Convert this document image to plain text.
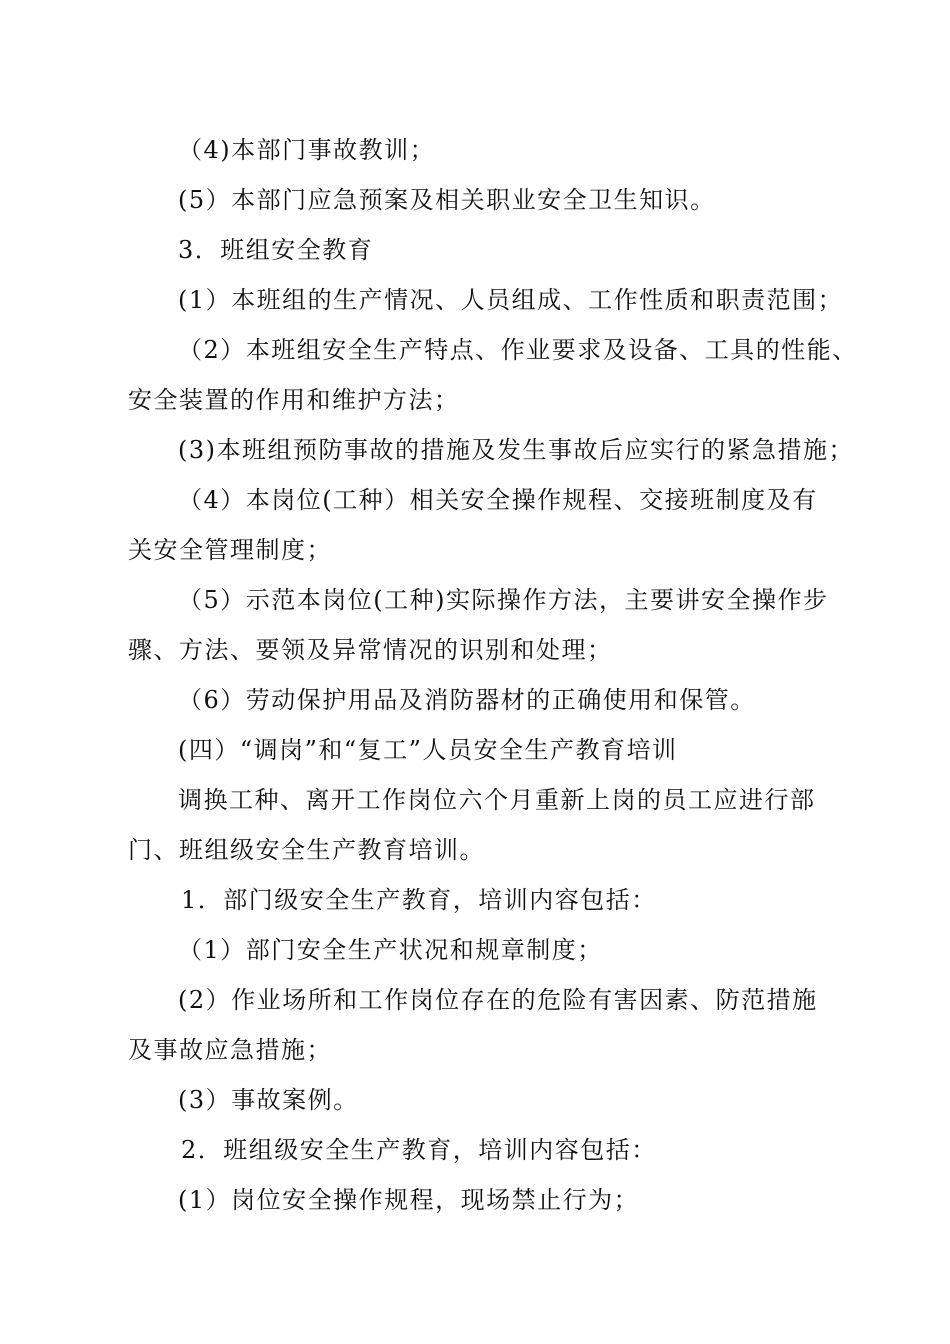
（4)本部门事故教训；
(5）本部门应急预案及相关职业安全卫生知识。
3．班组安全教育
(1）本班组的生产情况、人员组成、工作性质和职责范围；
（2）本班组安全生产特点、作业要求及设备、工具的性能、
安全装置的作用和维护方法；
(3)本班组预防事故的措施及发生事故后应实行的紧急措施；
（4）本岗位(工种）相关安全操作规程、交接班制度及有
关安全管理制度；
（5）示范本岗位(工种)实际操作方法，主要讲安全操作步
骤、方法、要领及异常情况的识别和处理；
（6）劳动保护用品及消防器材的正确使用和保管。
(四）“调岗”和“复工”人员安全生产教育培训
调换工种、离开工作岗位六个月重新上岗的员工应进行部
门、班组级安全生产教育培训。
1．部门级安全生产教育，培训内容包括：
（1）部门安全生产状况和规章制度；
(2）作业场所和工作岗位存在的危险有害因素、防范措施
及事故应急措施；
(3）事故案例。
2．班组级安全生产教育，培训内容包括：
(1）岗位安全操作规程，现场禁止行为；
